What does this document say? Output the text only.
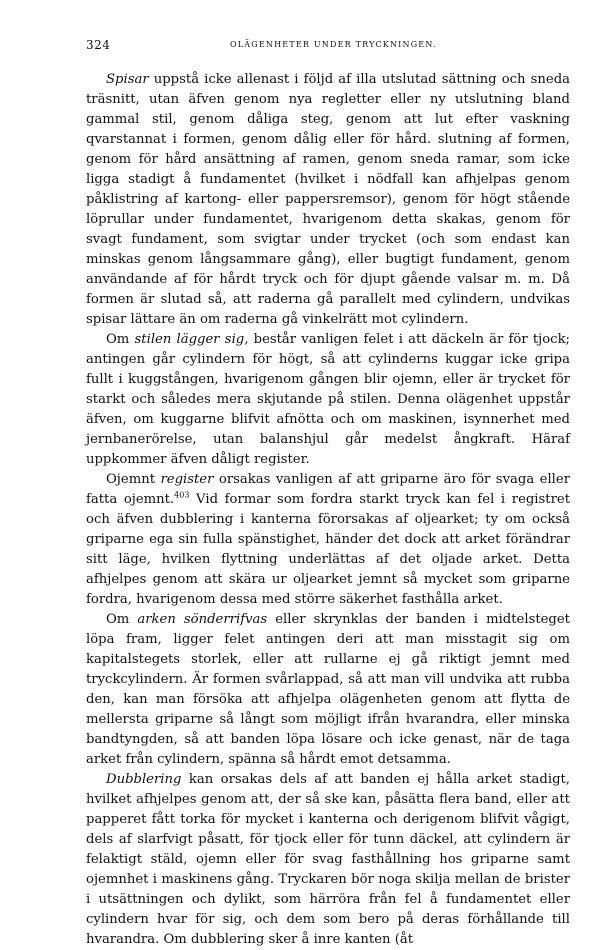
324	OLÄGENHETER UNDER TRYCKNINGEN.

Spisar uppstå icke allenast i följd af illa utslutad sättning och sneda träsnitt, utan äfven genom nya regletter eller ny utslutning bland gammal stil, genom dåliga steg, genom att lut efter vaskning qvarstannat i formen, genom dålig eller för hård. slutning af formen, genom för hård ansättning af ramen, genom sneda ramar, som icke ligga stadigt å fundamentet (hvilket i nödfall kan afhjelpas genom påklistring af kartong- eller pappersremsor), genom för högt stående löprullar under fundamentet, hvarigenom detta skakas, genom för svagt fundament, som svigtar under trycket (och som endast kan minskas genom långsammare gång), eller bugtigt fundament, genom användande af för hårdt tryck och för djupt gående valsar m. m. Då formen är slutad så, att raderna gå parallelt med cylindern, undvikas spisar lättare än om raderna gå vinkelrätt mot cylindern.

Om stilen lägger sig, består vanligen felet i att däckeln är för tjock; antingen går cylindern för högt, så att cylinderns kuggar icke gripa fullt i kuggstången, hvarigenom gången blir ojemn, eller är trycket för starkt och således mera skjutande på stilen. Denna olägenhet uppstår äfven, om kuggarne blifvit afnötta och om maskinen, isynnerhet med jernbanerörelse, utan balanshjul går medelst ångkraft. Häraf uppkommer äfven dåligt register.

Ojemnt register orsakas vanligen af att griparne äro för svaga eller fatta ojemnt.$^{403}$ Vid formar som fordra starkt tryck kan fel i registret och äfven dubblering i kanterna förorsakas af oljearket; ty om också griparne ega sin fulla spänstighet, händer det dock att arket förändrar sitt läge, hvilken flyttning underlättas af det oljade arket. Detta afhjelpes genom att skära ur oljearket jemnt så mycket som griparne fordra, hvarigenom dessa med större säkerhet fasthålla arket.

Om arken sönderrifvas eller skrynklas der banden i midtelsteget löpa fram, ligger felet antingen deri att man misstagit sig om kapitalstegets storlek, eller att rullarne ej gå riktigt jemnt med tryckcylindern. Är formen svårlappad, så att man vill undvika att rubba den, kan man försöka att afhjelpa olägenheten genom att flytta de mellersta griparne så långt som möjligt ifrån hvarandra, eller minska bandtyngden, så att banden löpa lösare och icke genast, när de taga arket från cylindern, spänna så hårdt emot detsamma.

Dubblering kan orsakas dels af att banden ej hålla arket stadigt, hvilket afhjelpes genom att, der så ske kan, påsätta flera band, eller att papperet fått torka för mycket i kanterna och derigenom blifvit vågigt, dels af slarfvigt påsatt, för tjock eller för tunn däckel, att cylindern är felaktigt stäld, ojemn eller för svag fasthållning hos griparne samt ojemnhet i maskinens gång. Tryckaren bör noga skilja mellan de brister i utsättningen och dylikt, som härröra från fel å fundamentet eller cylindern hvar för sig, och dem som bero på deras förhållande till hvarandra. Om dubblering sker å inre kanten (åt
